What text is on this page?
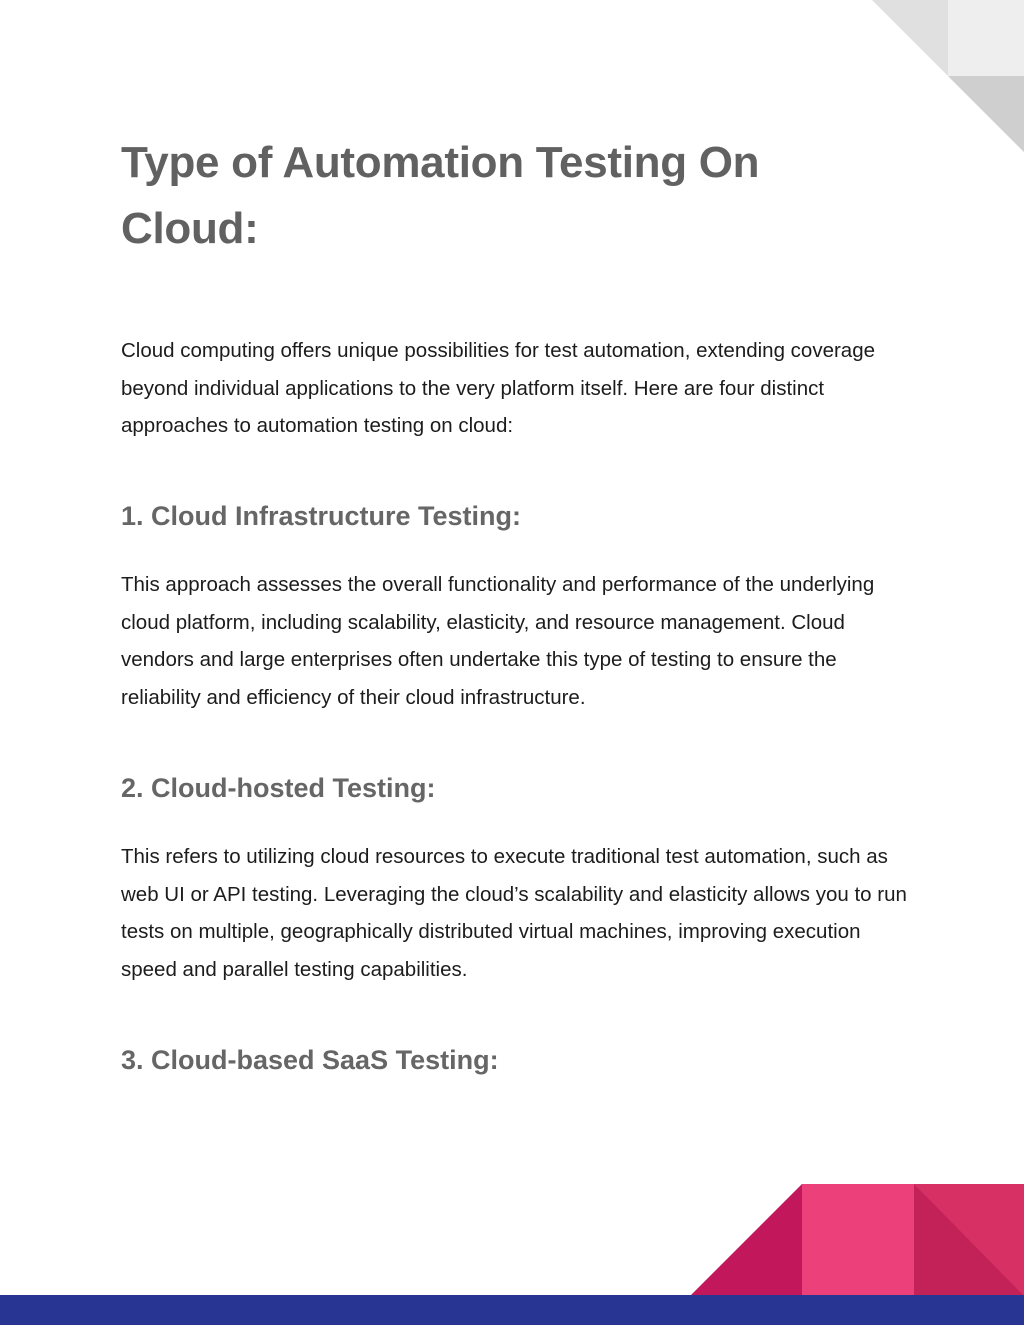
Type of Automation Testing On Cloud:

Cloud computing offers unique possibilities for test automation, extending coverage beyond individual applications to the very platform itself. Here are four distinct approaches to automation testing on cloud:

1. Cloud Infrastructure Testing:

This approach assesses the overall functionality and performance of the underlying cloud platform, including scalability, elasticity, and resource management. Cloud vendors and large enterprises often undertake this type of testing to ensure the reliability and efficiency of their cloud infrastructure.

2. Cloud-hosted Testing:

This refers to utilizing cloud resources to execute traditional test automation, such as web UI or API testing. Leveraging the cloud’s scalability and elasticity allows you to run tests on multiple, geographically distributed virtual machines, improving execution speed and parallel testing capabilities.

3. Cloud-based SaaS Testing:
